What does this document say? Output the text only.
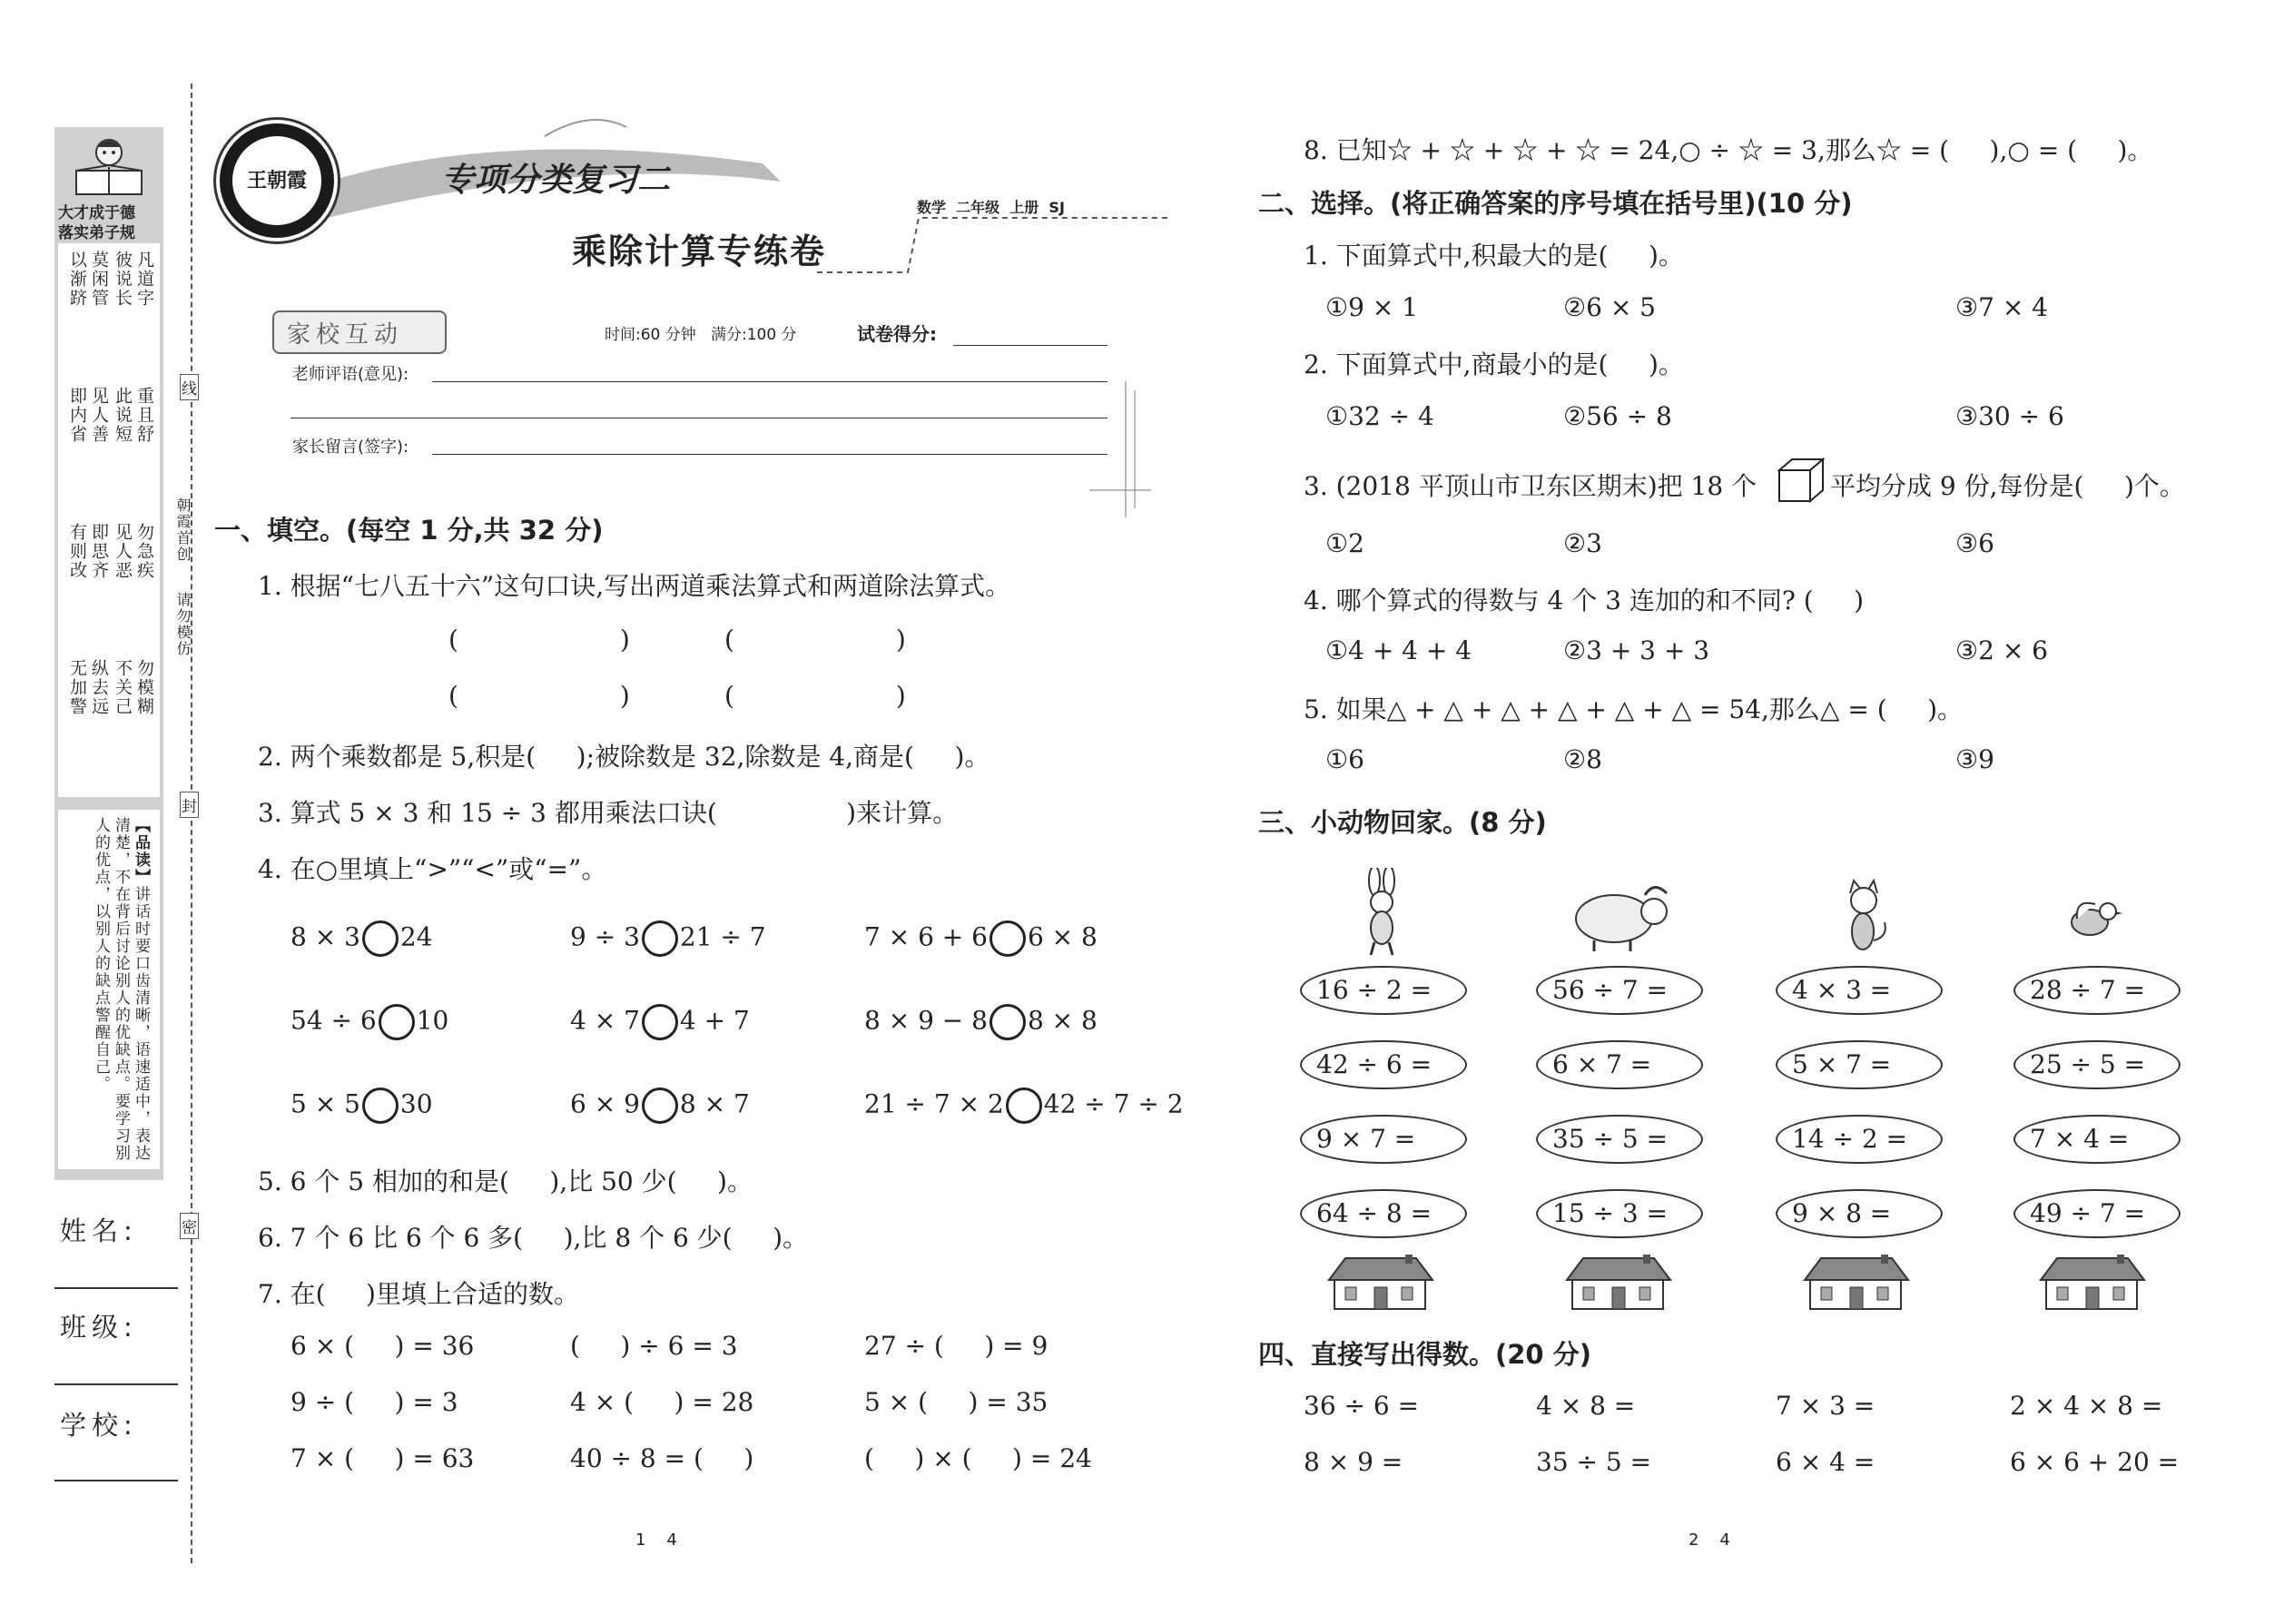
大才成于德
落实弟子规
凡道字
重且舒
勿急疾
勿模糊
彼说长
此说短
见人恶
不关己
莫闲管
见人善
即思齐
纵去远
以渐跻
即内省
有则改
无加警
【品读】讲话时要口齿清晰，语速适中，表达清楚，不在背后讨论别人的优缺点。要学习别人的优点，以别人的缺点警醒自己。
姓名:
班级:
学校:
线
封
密
朝霞首创
请勿模仿
王朝霞	专项分类复习二
乘除计算专练卷
数学  二年级  上册  SJ
家校互动	时间:60 分钟   满分:100 分	试卷得分:
老师评语(意见):
家长留言(签字):
一、填空。(每空 1 分,共 32 分)
1. 根据“七八五十六”这句口诀,写出两道乘法算式和两道除法算式。
(                    )	(                    )
(                    )	(                    )
2. 两个乘数都是 5,积是(     );被除数是 32,除数是 4,商是(     )。
3. 算式 5 × 3 和 15 ÷ 3 都用乘法口诀(                )来计算。
4. 在○里填上“>”“<”或“=”。
8 × 3 24	9 ÷ 3 21 ÷ 7	7 × 6 + 6 6 × 8
54 ÷ 6 10	4 × 7 4 + 7	8 × 9 − 8 8 × 8
5 × 5 30	6 × 9 8 × 7	21 ÷ 7 × 2 42 ÷ 7 ÷ 2
5. 6 个 5 相加的和是(     ),比 50 少(     )。
6. 7 个 6 比 6 个 6 多(     ),比 8 个 6 少(     )。
7. 在(     )里填上合适的数。
6 × (     ) = 36	(     ) ÷ 6 = 3	27 ÷ (     ) = 9
9 ÷ (     ) = 3	4 × (     ) = 28	5 × (     ) = 35
7 × (     ) = 63	40 ÷ 8 = (     )	(     ) × (     ) = 24
1    4
8. 已知☆ + ☆ + ☆ + ☆ = 24,○ ÷ ☆ = 3,那么☆ = (     ),○ = (     )。
二、选择。(将正确答案的序号填在括号里)(10 分)
1. 下面算式中,积最大的是(     )。
①9 × 1	②6 × 5	③7 × 4
2. 下面算式中,商最小的是(     )。
①32 ÷ 4	②56 ÷ 8	③30 ÷ 6
3. (2018 平顶山市卫东区期末)把 18 个	平均分成 9 份,每份是(     )个。
①2	②3	③6
4. 哪个算式的得数与 4 个 3 连加的和不同? (     )
①4 + 4 + 4	②3 + 3 + 3	③2 × 6
5. 如果△ + △ + △ + △ + △ + △ = 54,那么△ = (     )。
①6	②8	③9
三、小动物回家。(8 分)
16 ÷ 2 =	56 ÷ 7 =	4 × 3 =	28 ÷ 7 =
42 ÷ 6 =	6 × 7 =	5 × 7 =	25 ÷ 5 =
9 × 7 =	35 ÷ 5 =	14 ÷ 2 =	7 × 4 =
64 ÷ 8 =	15 ÷ 3 =	9 × 8 =	49 ÷ 7 =
四、直接写出得数。(20 分)
36 ÷ 6 =	4 × 8 =	7 × 3 =	2 × 4 × 8 =
8 × 9 =	35 ÷ 5 =	6 × 4 =	6 × 6 + 20 =
2    4
